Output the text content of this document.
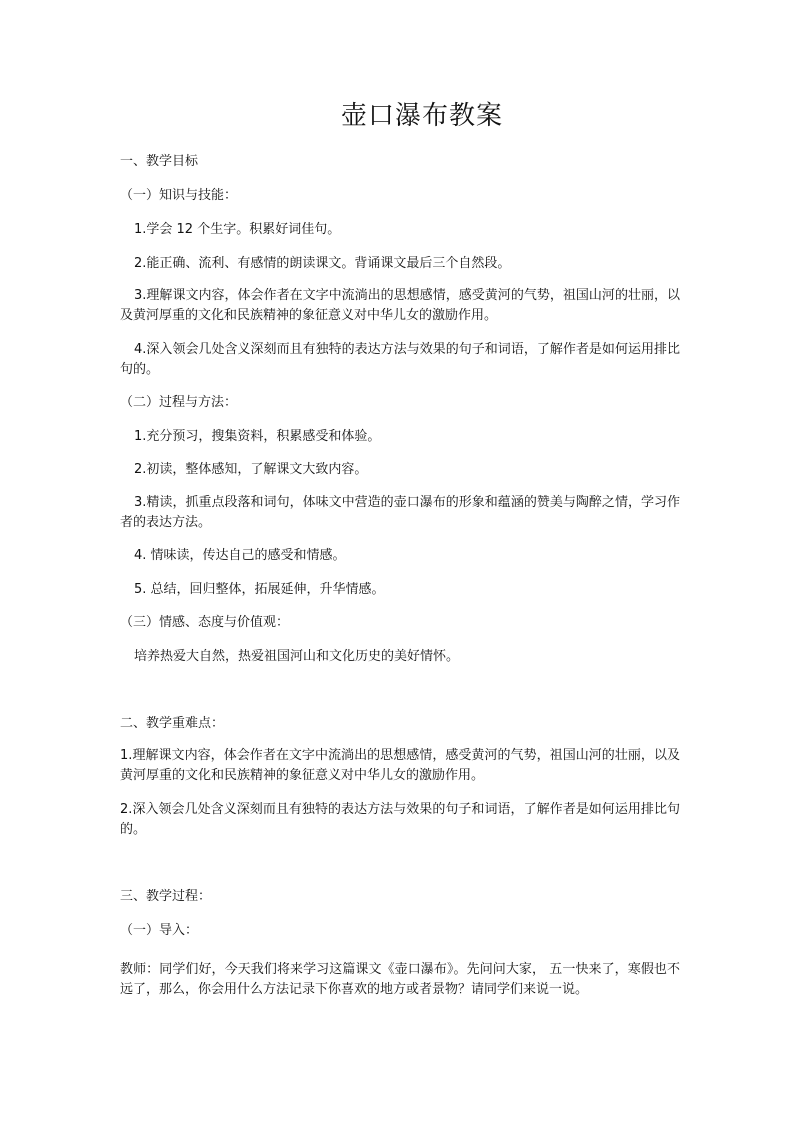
壶口瀑布教案
一、教学目标
（一）知识与技能：
1.学会 12 个生字。积累好词佳句。
2.能正确、流利、有感情的朗读课文。背诵课文最后三个自然段。
3.理解课文内容，体会作者在文字中流淌出的思想感情，感受黄河的气势，祖国山河的壮丽，以及黄河厚重的文化和民族精神的象征意义对中华儿女的激励作用。
4.深入领会几处含义深刻而且有独特的表达方法与效果的句子和词语，了解作者是如何运用排比句的。
（二）过程与方法：
1.充分预习，搜集资料，积累感受和体验。
2.初读，整体感知，了解课文大致内容。
3.精读，抓重点段落和词句，体味文中营造的壶口瀑布的形象和蕴涵的赞美与陶醉之情，学习作者的表达方法。
4. 情味读，传达自己的感受和情感。
5. 总结，回归整体，拓展延伸，升华情感。
（三）情感、态度与价值观：
培养热爱大自然，热爱祖国河山和文化历史的美好情怀。
二、教学重难点：
1.理解课文内容，体会作者在文字中流淌出的思想感情，感受黄河的气势，祖国山河的壮丽，以及黄河厚重的文化和民族精神的象征意义对中华儿女的激励作用。
2.深入领会几处含义深刻而且有独特的表达方法与效果的句子和词语，了解作者是如何运用排比句的。
三、教学过程：
（一）导入：
教师：同学们好，今天我们将来学习这篇课文《壶口瀑布》。先问问大家， 五一快来了，寒假也不远了，那么，你会用什么方法记录下你喜欢的地方或者景物？请同学们来说一说。
